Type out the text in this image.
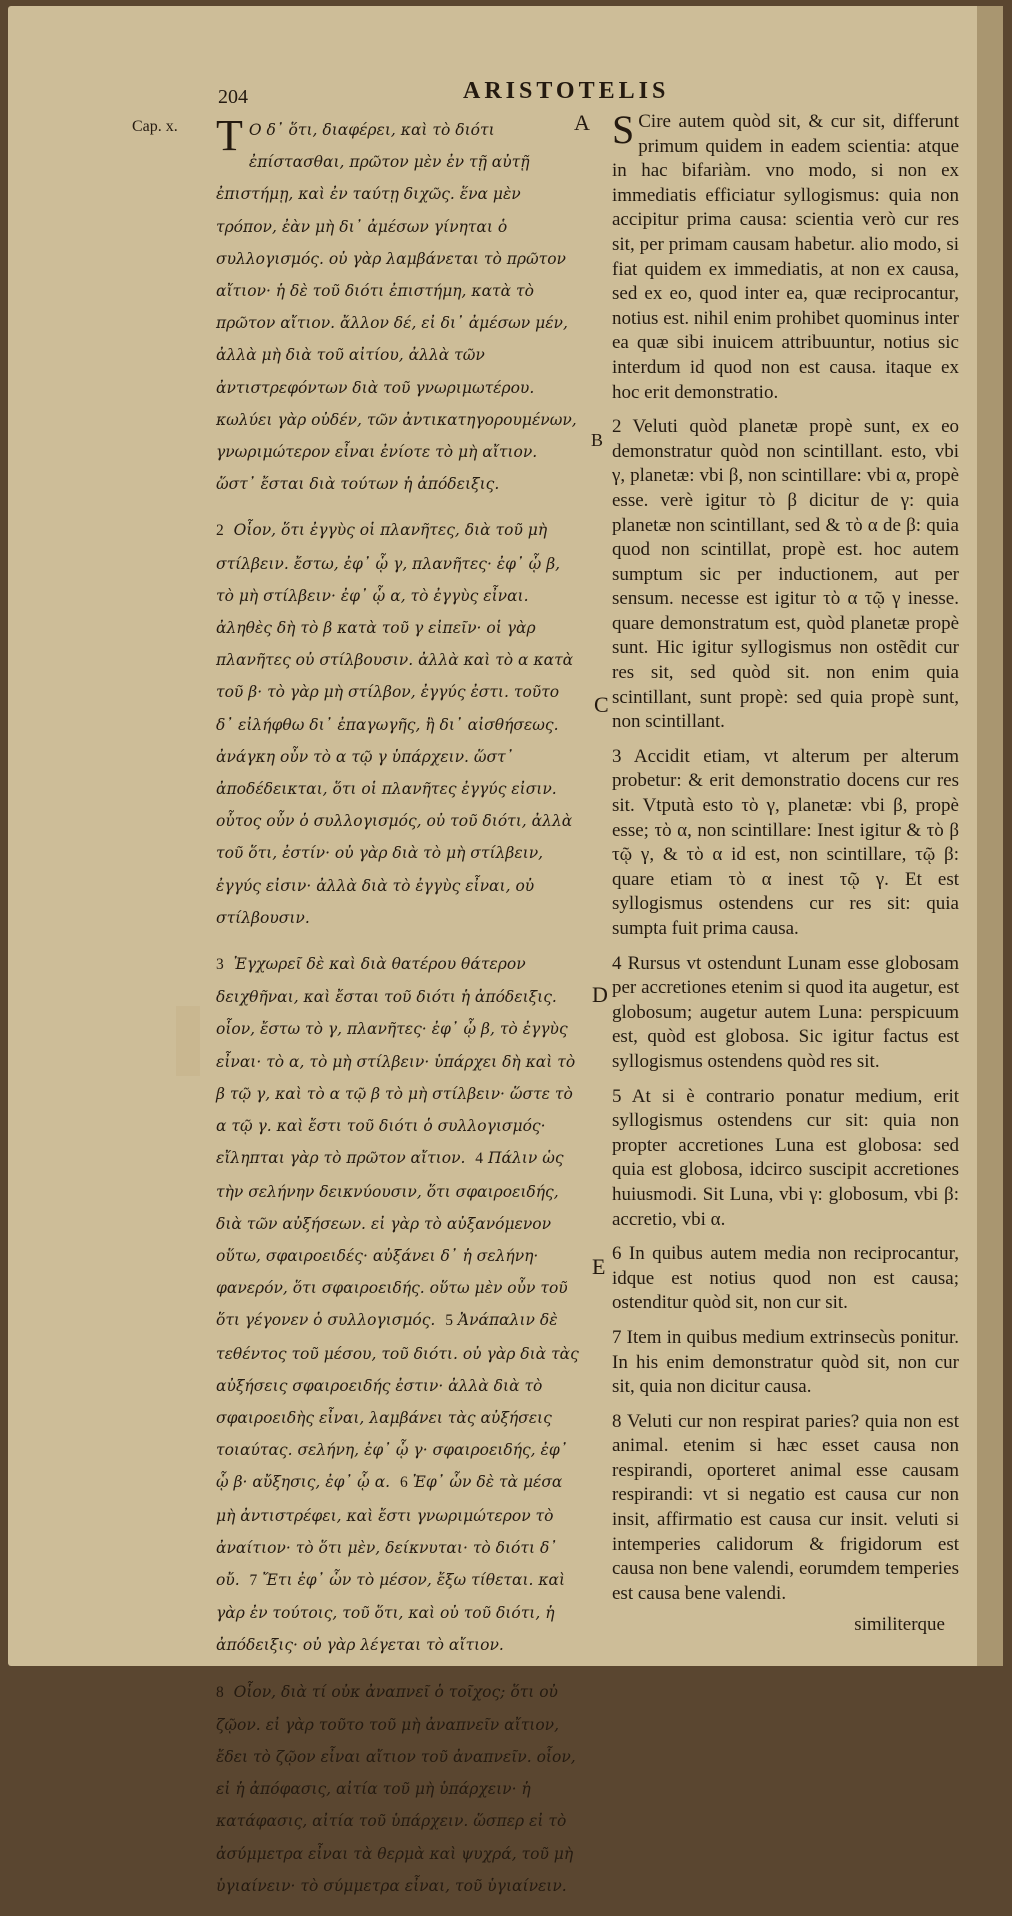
204	ARISTOTELIS
Cap. x.	A
B
C
D
E

T Ο δ᾽ ὅτι, διαφέρει, καὶ τὸ διότι ἐπίστασθαι, πρῶτον μὲν ἐν τῇ αὐτῇ ἐπιστήμῃ, καὶ ἐν ταύτῃ διχῶς. ἕνα μὲν τρόπον, ἐὰν μὴ δι᾽ ἀμέσων γίνηται ὁ συλλογισμός. οὐ γὰρ λαμβάνεται τὸ πρῶτον αἴτιον· ἡ δὲ τοῦ διότι ἐπιστήμη, κατὰ τὸ πρῶτον αἴτιον. ἄλλον δέ, εἰ δι᾽ ἀμέσων μέν, ἀλλὰ μὴ διὰ τοῦ αἰτίου, ἀλλὰ τῶν ἀντιστρεφόντων διὰ τοῦ γνωριμωτέρου. κωλύει γὰρ οὐδέν, τῶν ἀντικατηγορουμένων, γνωριμώτερον εἶναι ἐνίοτε τὸ μὴ αἴτιον. ὥστ᾽ ἔσται διὰ τούτων ἡ ἀπόδειξις.

2 Οἷον, ὅτι ἐγγὺς οἱ πλανῆτες, διὰ τοῦ μὴ στίλβειν. ἔστω, ἐφ᾽ ᾧ γ, πλανῆτες· ἐφ᾽ ᾧ β, τὸ μὴ στίλβειν· ἐφ᾽ ᾧ α, τὸ ἐγγὺς εἶναι. ἀληθὲς δὴ τὸ β κατὰ τοῦ γ εἰπεῖν· οἱ γὰρ πλανῆτες οὐ στίλβουσιν. ἀλλὰ καὶ τὸ α κατὰ τοῦ β· τὸ γὰρ μὴ στίλβον, ἐγγύς ἐστι. τοῦτο δ᾽ εἰλήφθω δι᾽ ἐπαγωγῆς, ἢ δι᾽ αἰσθήσεως. ἀνάγκη οὖν τὸ α τῷ γ ὑπάρχειν. ὥστ᾽ ἀποδέδεικται, ὅτι οἱ πλανῆτες ἐγγύς εἰσιν. οὗτος οὖν ὁ συλλογισμός, οὐ τοῦ διότι, ἀλλὰ τοῦ ὅτι, ἐστίν· οὐ γὰρ διὰ τὸ μὴ στίλβειν, ἐγγύς εἰσιν· ἀλλὰ διὰ τὸ ἐγγὺς εἶναι, οὐ στίλβουσιν.

3 Ἐγχωρεῖ δὲ καὶ διὰ θατέρου θάτερον δειχθῆναι, καὶ ἔσται τοῦ διότι ἡ ἀπόδειξις. οἷον, ἔστω τὸ γ, πλανῆτες· ἐφ᾽ ᾧ β, τὸ ἐγγὺς εἶναι· τὸ α, τὸ μὴ στίλβειν· ὑπάρχει δὴ καὶ τὸ β τῷ γ, καὶ τὸ α τῷ β τὸ μὴ στίλβειν· ὥστε τὸ α τῷ γ. καὶ ἔστι τοῦ διότι ὁ συλλογισμός· εἴληπται γὰρ τὸ πρῶτον αἴτιον. 4 Πάλιν ὡς τὴν σελήνην δεικνύουσιν, ὅτι σφαιροειδής, διὰ τῶν αὐξήσεων. εἰ γὰρ τὸ αὐξανόμενον οὕτω, σφαιροειδές· αὐξάνει δ᾽ ἡ σελήνη· φανερόν, ὅτι σφαιροειδής. οὕτω μὲν οὖν τοῦ ὅτι γέγονεν ὁ συλλογισμός. 5 Ἀνάπαλιν δὲ τεθέντος τοῦ μέσου, τοῦ διότι. οὐ γὰρ διὰ τὰς αὐξήσεις σφαιροειδής ἐστιν· ἀλλὰ διὰ τὸ σφαιροειδὴς εἶναι, λαμβάνει τὰς αὐξήσεις τοιαύτας. σελήνη, ἐφ᾽ ᾧ γ· σφαιροειδής, ἐφ᾽ ᾧ β· αὔξησις, ἐφ᾽ ᾧ α. 6 Ἐφ᾽ ὧν δὲ τὰ μέσα μὴ ἀντιστρέφει, καὶ ἔστι γνωριμώτερον τὸ ἀναίτιον· τὸ ὅτι μὲν, δείκνυται· τὸ διότι δ᾽ οὔ. 7 Ἔτι ἐφ᾽ ὧν τὸ μέσον, ἔξω τίθεται. καὶ γὰρ ἐν τούτοις, τοῦ ὅτι, καὶ οὐ τοῦ διότι, ἡ ἀπόδειξις· οὐ γὰρ λέγεται τὸ αἴτιον.

8 Οἷον, διὰ τί οὐκ ἀναπνεῖ ὁ τοῖχος; ὅτι οὐ ζῷον. εἰ γὰρ τοῦτο τοῦ μὴ ἀναπνεῖν αἴτιον, ἔδει τὸ ζῷον εἶναι αἴτιον τοῦ ἀναπνεῖν. οἷον, εἰ ἡ ἀπόφασις, αἰτία τοῦ μὴ ὑπάρχειν· ἡ κατάφασις, αἰτία τοῦ ὑπάρχειν. ὥσπερ εἰ τὸ ἀσύμμετρα εἶναι τὰ θερμὰ καὶ ψυχρά, τοῦ μὴ ὑγιαίνειν· τὸ σύμμετρα εἶναι, τοῦ ὑγιαίνειν.

S Cire autem quòd sit, & cur sit, differunt primum quidem in eadem scientia: atque in hac bifariàm. vno modo, si non ex immediatis efficiatur syllogismus: quia non accipitur prima causa: scientia verò cur res sit, per primam causam habetur. alio modo, si fiat quidem ex immediatis, at non ex causa, sed ex eo, quod inter ea, quæ reciprocantur, notius est. nihil enim prohibet quominus inter ea quæ sibi inuicem attribuuntur, notius sic interdum id quod non est causa. itaque ex hoc erit demonstratio.

2 Veluti quòd planetæ propè sunt, ex eo demonstratur quòd non scintillant. esto, vbi γ, planetæ: vbi β, non scintillare: vbi α, propè esse. verè igitur τὸ β dicitur de γ: quia planetæ non scintillant, sed & τὸ α de β: quia quod non scintillat, propè est. hoc autem sumptum sic per inductionem, aut per sensum. necesse est igitur τὸ α τῷ γ inesse. quare demonstratum est, quòd planetæ propè sunt. Hic igitur syllogismus non ostẽdit cur res sit, sed quòd sit. non enim quia scintillant, sunt propè: sed quia propè sunt, non scintillant.

3 Accidit etiam, vt alterum per alterum probetur: & erit demonstratio docens cur res sit. Vtputà esto τὸ γ, planetæ: vbi β, propè esse; τὸ α, non scintillare: Inest igitur & τὸ β τῷ γ, & τὸ α id est, non scintillare, τῷ β: quare etiam τὸ α inest τῷ γ. Et est syllogismus ostendens cur res sit: quia sumpta fuit prima causa.

4 Rursus vt ostendunt Lunam esse globosam per accretiones etenim si quod ita augetur, est globosum; augetur autem Luna: perspicuum est, quòd est globosa. Sic igitur factus est syllogismus ostendens quòd res sit.

5 At si è contrario ponatur medium, erit syllogismus ostendens cur sit: quia non propter accretiones Luna est globosa: sed quia est globosa, idcirco suscipit accretiones huiusmodi. Sit Luna, vbi γ: globosum, vbi β: accretio, vbi α.

6 In quibus autem media non reciprocantur, idque est notius quod non est causa; ostenditur quòd sit, non cur sit.

7 Item in quibus medium extrinsecùs ponitur. In his enim demonstratur quòd sit, non cur sit, quia non dicitur causa.

8 Veluti cur non respirat paries? quia non est animal. etenim si hæc esset causa non respirandi, oporteret animal esse causam respirandi: vt si negatio est causa cur non insit, affirmatio est causa cur insit. veluti si intemperies calidorum & frigidorum est causa non bene valendi, eorumdem temperies est causa bene valendi.

similiterque
